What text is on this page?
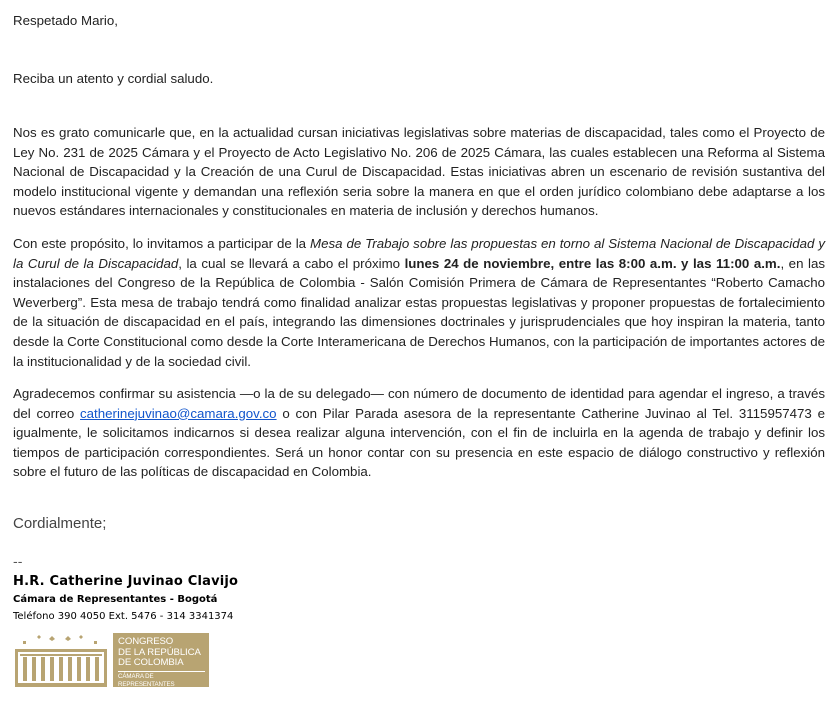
Respetado Mario,

Reciba un atento y cordial saludo.

Nos es grato comunicarle que, en la actualidad cursan iniciativas legislativas sobre materias de discapacidad, tales como el Proyecto de Ley No. 231 de 2025 Cámara y el Proyecto de Acto Legislativo No. 206 de 2025 Cámara, las cuales establecen una Reforma al Sistema Nacional de Discapacidad y la Creación de una Curul de Discapacidad. Estas iniciativas abren un escenario de revisión sustantiva del modelo institucional vigente y demandan una reflexión seria sobre la manera en que el orden jurídico colombiano debe adaptarse a los nuevos estándares internacionales y constitucionales en materia de inclusión y derechos humanos.

Con este propósito, lo invitamos a participar de la Mesa de Trabajo sobre las propuestas en torno al Sistema Nacional de Discapacidad y la Curul de la Discapacidad, la cual se llevará a cabo el próximo lunes 24 de noviembre, entre las 8:00 a.m. y las 11:00 a.m., en las instalaciones del Congreso de la República de Colombia - Salón Comisión Primera de Cámara de Representantes “Roberto Camacho Weverberg”. Esta mesa de trabajo tendrá como finalidad analizar estas propuestas legislativas y proponer propuestas de fortalecimiento de la situación de discapacidad en el país, integrando las dimensiones doctrinales y jurisprudenciales que hoy inspiran la materia, tanto desde la Corte Constitucional como desde la Corte Interamericana de Derechos Humanos, con la participación de importantes actores de la institucionalidad y de la sociedad civil.

Agradecemos confirmar su asistencia —o la de su delegado— con número de documento de identidad para agendar el ingreso, a través del correo catherinejuvinao@camara.gov.co o con Pilar Parada asesora de la representante Catherine Juvinao al Tel. 3115957473 e igualmente, le solicitamos indicarnos si desea realizar alguna intervención, con el fin de incluirla en la agenda de trabajo y definir los tiempos de participación correspondientes. Será un honor contar con su presencia en este espacio de diálogo constructivo y reflexión sobre el futuro de las políticas de discapacidad en Colombia.

Cordialmente;
--
H.R. Catherine Juvinao Clavijo
Cámara de Representantes - Bogotá
Teléfono 390 4050 Ext. 5476 - 314 3341374
CONGRESO
DE LA REPÚBLICA
DE COLOMBIA
CÁMARA DE REPRESENTANTES
